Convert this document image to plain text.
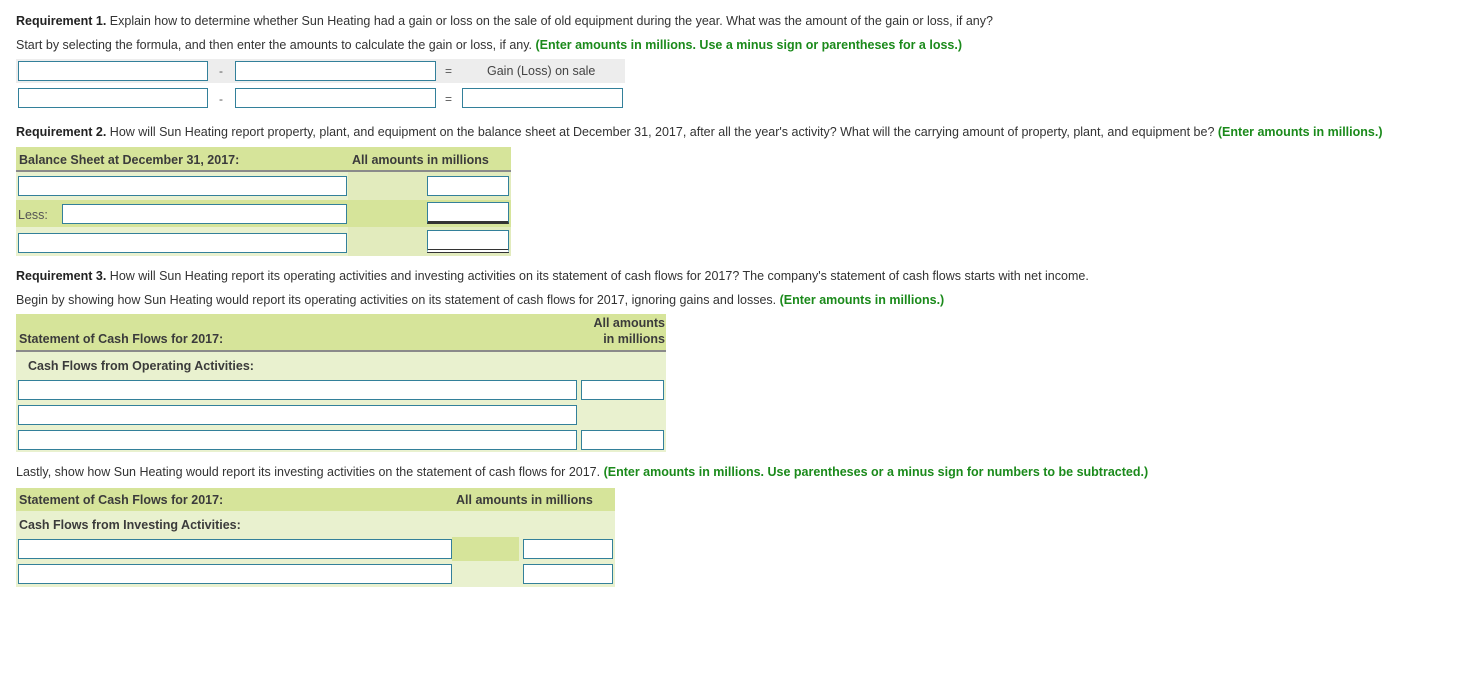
Requirement 1. Explain how to determine whether Sun Heating had a gain or loss on the sale of old equipment during the year. What was the amount of the gain or loss, if any?
Start by selecting the formula, and then enter the amounts to calculate the gain or loss, if any. (Enter amounts in millions. Use a minus sign or parentheses for a loss.)
-	=	Gain (Loss) on sale
-	=
Requirement 2. How will Sun Heating report property, plant, and equipment on the balance sheet at December 31, 2017, after all the year's activity? What will the carrying amount of property, plant, and equipment be? (Enter amounts in millions.)
Balance Sheet at December 31, 2017:	All amounts in millions
Less:
Requirement 3. How will Sun Heating report its operating activities and investing activities on its statement of cash flows for 2017? The company's statement of cash flows starts with net income.
Begin by showing how Sun Heating would report its operating activities on its statement of cash flows for 2017, ignoring gains and losses. (Enter amounts in millions.)
Statement of Cash Flows for 2017:
All amounts
in millions
Cash Flows from Operating Activities:
Lastly, show how Sun Heating would report its investing activities on the statement of cash flows for 2017. (Enter amounts in millions. Use parentheses or a minus sign for numbers to be subtracted.)
Statement of Cash Flows for 2017:	All amounts in millions
Cash Flows from Investing Activities:
